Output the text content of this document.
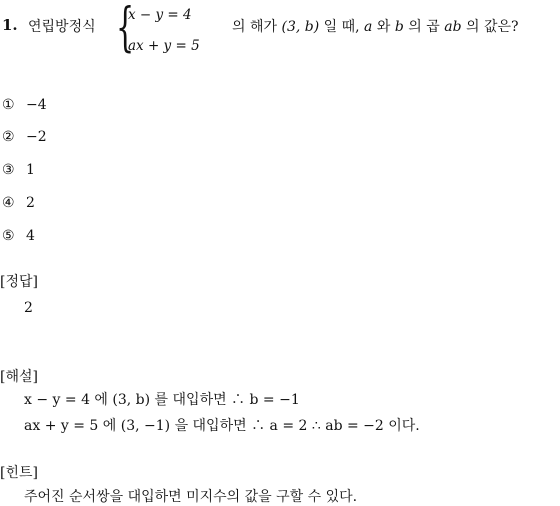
1. 연립방정식 {
x − y = 4
ax + y = 5
의 해가 (3, b) 일 때, a 와 b 의 곱 ab 의 값은?
① −4
② −2
③ 1
④ 2
⑤ 4
[정답]
2
[해설]
x − y = 4 에 (3, b) 를 대입하면 ∴ b = −1
ax + y = 5 에 (3, −1) 을 대입하면 ∴ a = 2 ∴ ab = −2 이다.
[힌트]
주어진 순서쌍을 대입하면 미지수의 값을 구할 수 있다.
